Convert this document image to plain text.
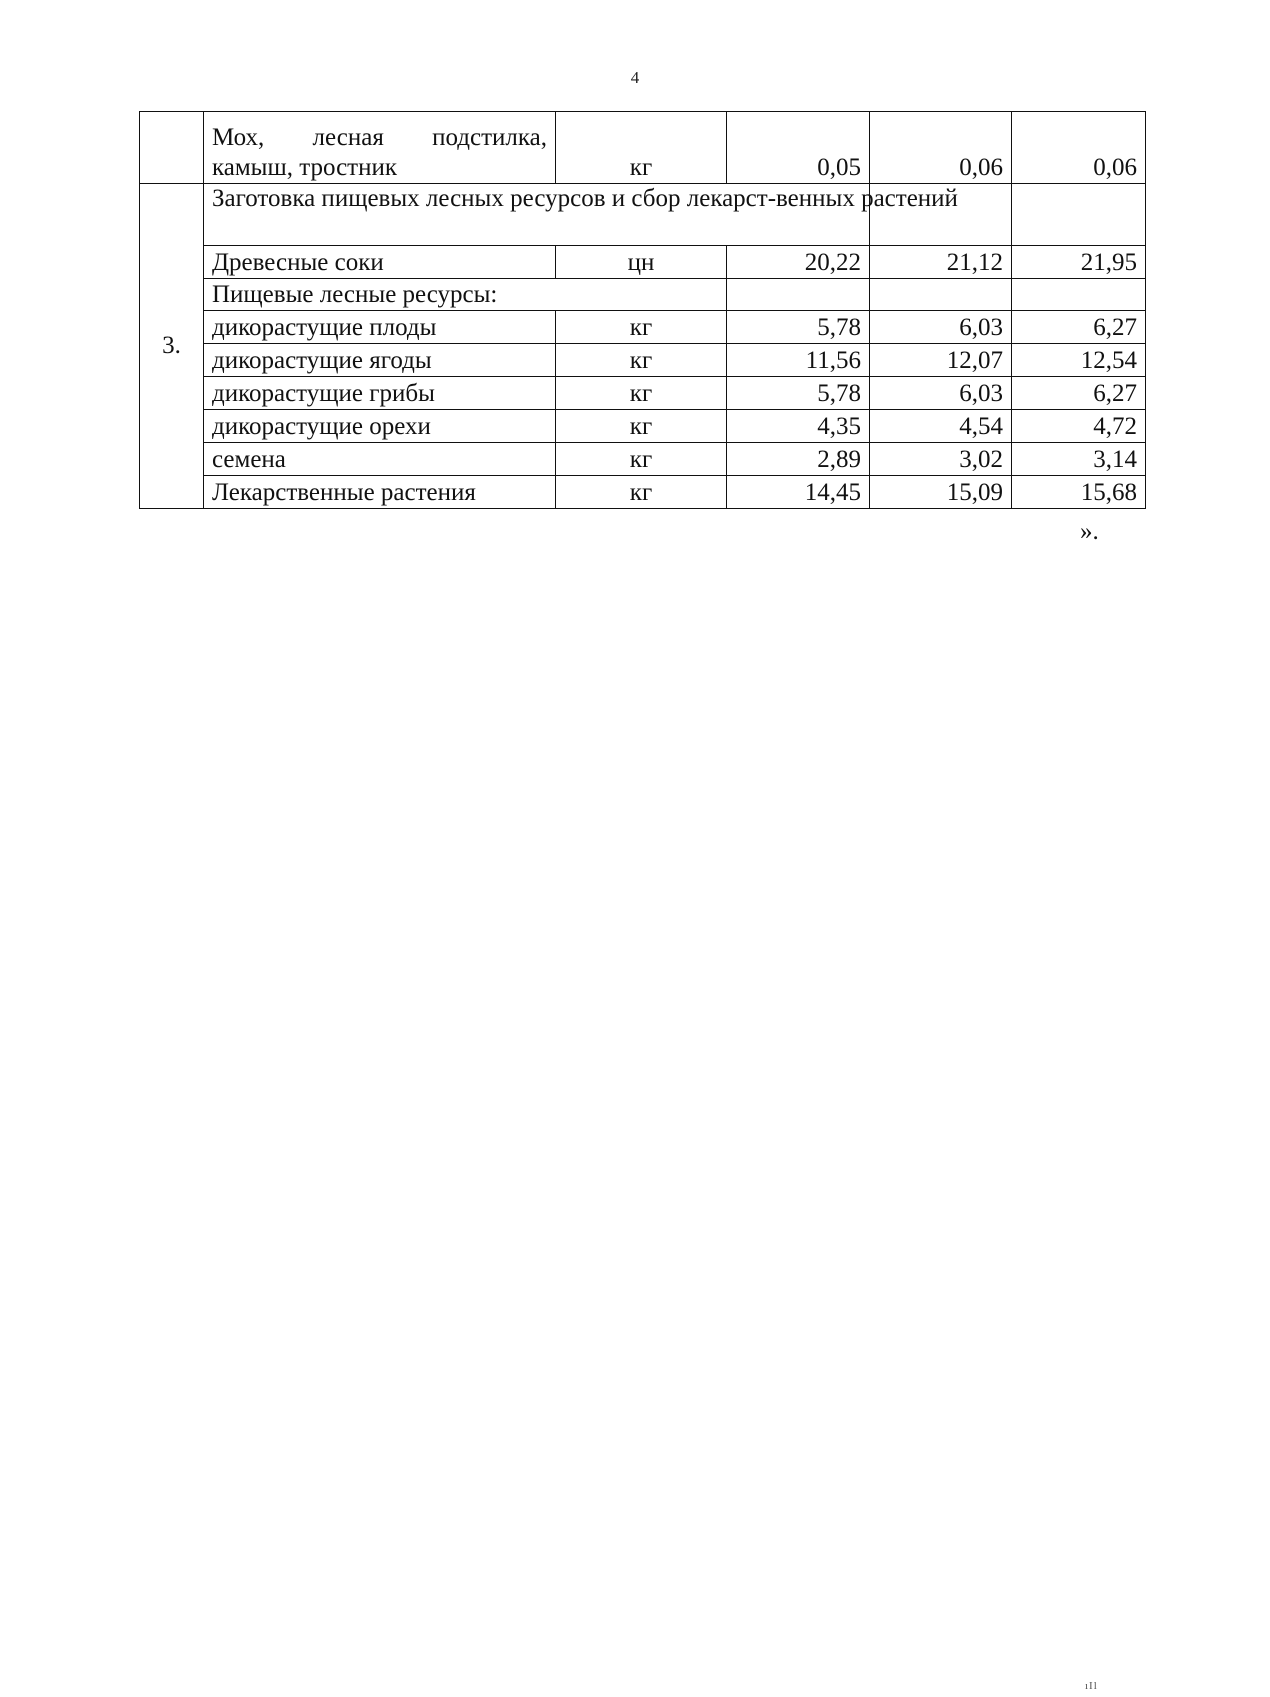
4

	Мох, лесная подстилка,
камыш, тростник	кг	0,05	0,06	0,06
3.	Заготовка пищевых лесных ресурсов и сбор лекарст-венных растений				
	Древесные соки	цн	20,22	21,12	21,95
	Пищевые лесные ресурсы:				
	дикорастущие плоды	кг	5,78	6,03	6,27
	дикорастущие ягоды	кг	11,56	12,07	12,54
	дикорастущие грибы	кг	5,78	6,03	6,27
	дикорастущие орехи	кг	4,35	4,54	4,72
	семена	кг	2,89	3,02	3,14
	Лекарственные растения	кг	14,45	15,09	15,68
».
ıIl
